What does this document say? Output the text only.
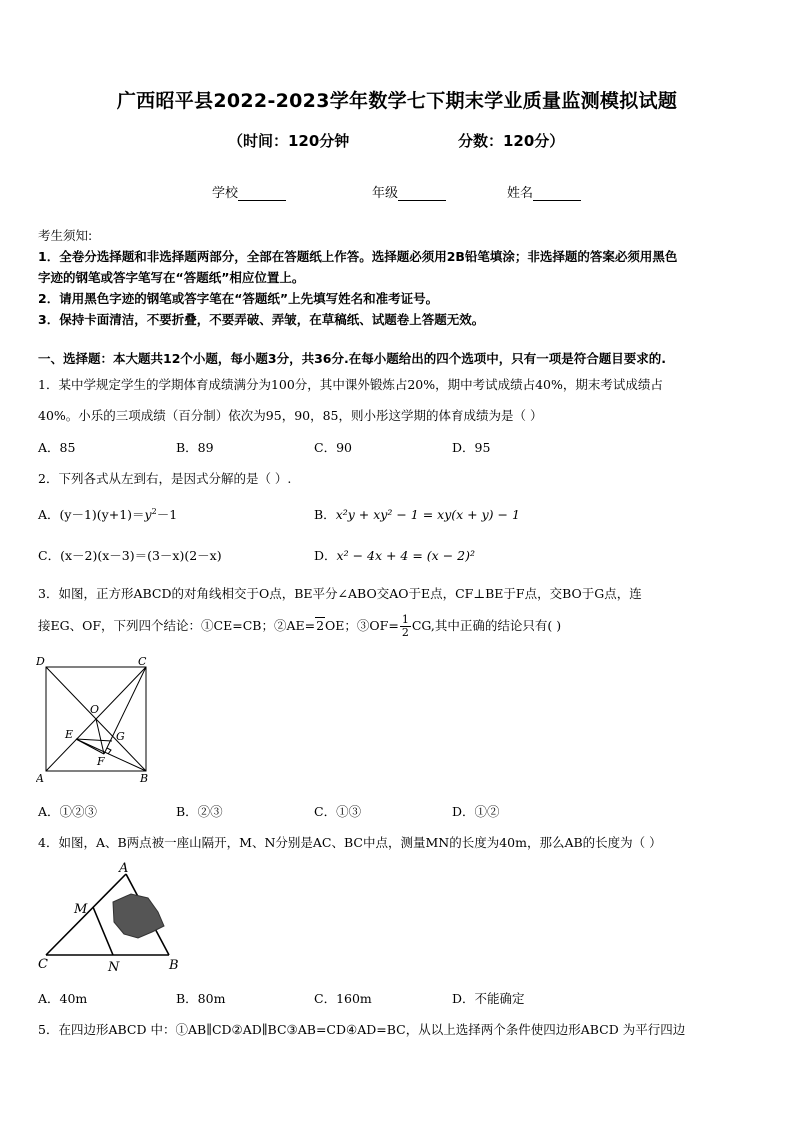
广西昭平县2022-2023学年数学七下期末学业质量监测模拟试题
（时间：120分钟	分数：120分）
学校	年级	姓名

考生须知:

1．全卷分选择题和非选择题两部分，全部在答题纸上作答。选择题必须用2B铅笔填涂；非选择题的答案必须用黑色

字迹的钢笔或答字笔写在“答题纸”相应位置上。

2．请用黑色字迹的钢笔或答字笔在“答题纸”上先填写姓名和准考证号。

3．保持卡面清洁，不要折叠，不要弄破、弄皱，在草稿纸、试题卷上答题无效。

一、选择题：本大题共12个小题，每小题3分，共36分.在每小题给出的四个选项中，只有一项是符合题目要求的.
1．某中学规定学生的学期体育成绩满分为100分，其中课外锻炼占20%，期中考试成绩占40%，期末考试成绩占
40%。小乐的三项成绩（百分制）依次为95，90，85，则小彤这学期的体育成绩为是（ ）
A．85	B．89	C．90	D．95
2．下列各式从左到右，是因式分解的是（ ）.
A．$(y-1)(y+1)=y^2-1$	B．x²y + xy² − 1 = xy(x + y) − 1
C．(x－2)(x－3)＝(3－x)(2－x)	D．x² − 4x + 4 = (x − 2)²
3．如图，正方形ABCD的对角线相交于O点，BE平分∠ABO交AO于E点，CF⊥BE于F点，交BO于G点，连
接EG、OF，下列四个结论：①CE=CB；②AE=2OE；③OF= $\frac{1}{2}$ CG,其中正确的结论只有( )
D	C
A	B
O
E	G
F
A．①②③	B．②③	C．①③	D．①②
4．如图，A、B两点被一座山隔开，M、N分别是AC、BC中点，测量MN的长度为40m，那么AB的长度为（ ）
A
M
C	N	B
A．40m	B．80m	C．160m	D．不能确定
5．在四边形ABCD 中：①AB∥CD②AD∥BC③AB=CD④AD=BC，从以上选择两个条件使四边形ABCD 为平行四边
